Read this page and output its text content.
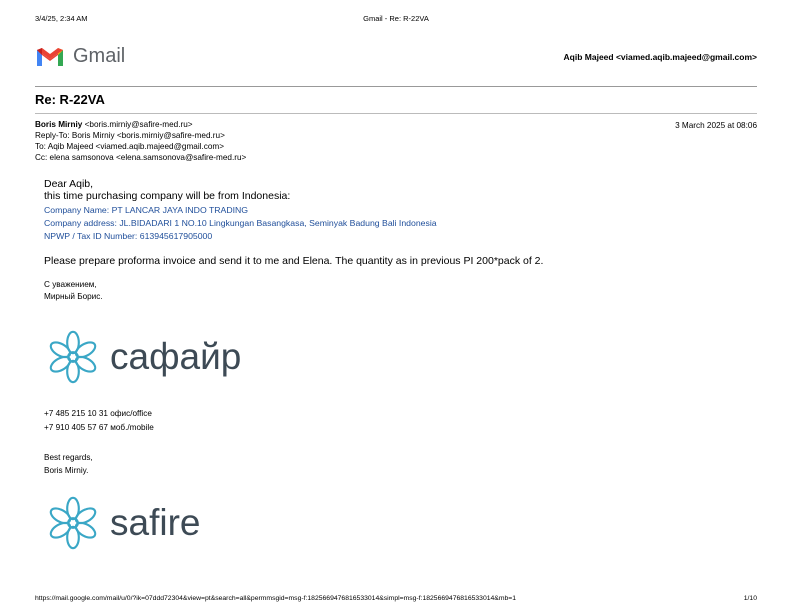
3/4/25, 2:34 AM	Gmail - Re: R-22VA
Gmail	Aqib Majeed <viamed.aqib.majeed@gmail.com>
Re: R-22VA
Boris Mirniy <boris.mirniy@safire-med.ru>	3 March 2025 at 08:06
Reply-To: Boris Mirniy <boris.mirniy@safire-med.ru>
To: Aqib Majeed <viamed.aqib.majeed@gmail.com>
Cc: elena samsonova <elena.samsonova@safire-med.ru>
Dear Aqib,
this time purchasing company will be from Indonesia:
Company Name: PT LANCAR JAYA INDO TRADING
Company address: JL.BIDADARI 1 NO.10 Lingkungan Basangkasa, Seminyak Badung Bali Indonesia
NPWP / Tax ID Number: 613945617905000
Please prepare proforma invoice and send it to me and Elena. The quantity as in previous PI 200*pack of 2.
С уважением,
Мирный Борис.
сафайр
+7 485 215 10 31 офис/office
+7 910 405 57 67 моб./mobile
Best regards,
Boris Mirniy.
safire
https://mail.google.com/mail/u/0/?ik=07ddd72304&view=pt&search=all&permmsgid=msg-f:1825669476816533014&simpl=msg-f:1825669476816533014&mb=1	1/10
